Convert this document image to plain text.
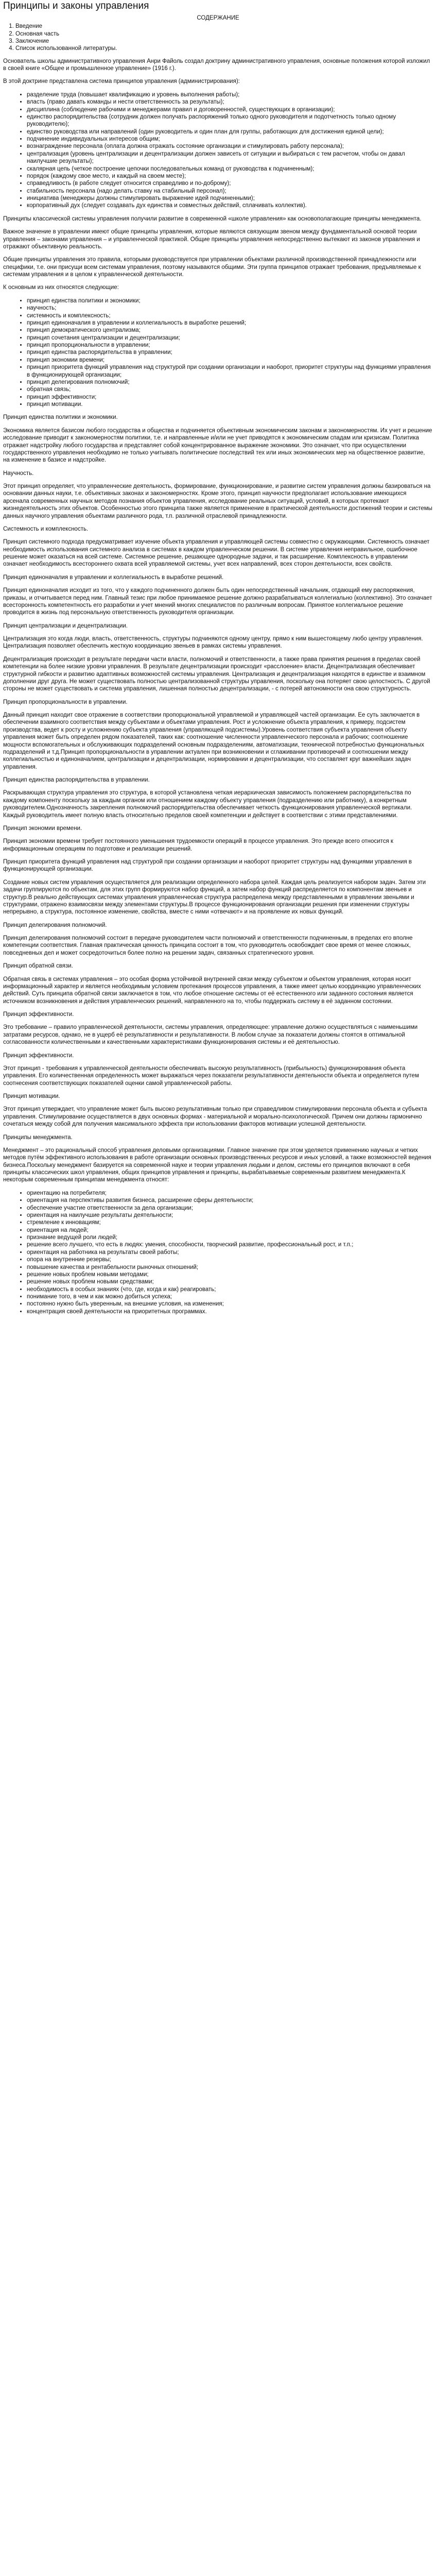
Принципы и законы управления
СОДЕРЖАНИЕ
1. Введение
2. Основная часть
3. Заключение
4. Список использованной литературы.

Основатель школы административного управления Анри Файоль создал доктрину административного управления, основные положения которой изложил в своей книге «Общее и промышленное управление» (1916 г.).

В этой доктрине представлена система принципов управления (администрирования):

• разделение труда (повышает квалификацию и уровень выполнения работы);
• власть (право давать команды и нести ответственность за результаты);
• дисциплина (соблюдение рабочими и менеджерами правил и договоренностей, существующих в организации);
• единство распорядительства (сотрудник должен получать распоряжений только одного руководителя и подотчетность только одному руководителю);
• единство руководства или направлений (один руководитель и один план для группы, работающих для достижения единой цели);
• подчинение индивидуальных интересов общим;
• вознаграждение персонала (оплата должна отражать состояние организации и стимулировать работу персонала);
• централизация (уровень централизации и децентрализации должен зависеть от ситуации и выбираться с тем расчетом, чтобы он давал наилучшие результаты);
• скалярная цепь (четкое построение цепочки последовательных команд от руководства к подчиненным);
• порядок (каждому свое место, и каждый на своем месте);
• справедливость (в работе следует относится справедливо и по-доброму);
• стабильность персонала (надо делать ставку на стабильный персонал);
• инициатива (менеджеры должны стимулировать выражение идей подчиненными);
• корпоративный дух (следует создавать дух единства и совместных действий, сплачивать коллектив).

Принципы классической системы управления получили развитие в современной «школе управления» как основополагающие принципы менеджмента.

Важное значение в управлении имеют общие принципы управления, которые являются связующим звеном между фундаментальной основой теории управления – законами управления – и управленческой практикой. Общие принципы управления непосредственно вытекают из законов управления и отражают объективную реальность.

Общие принципы управления это правила, которыми руководствуется при управлении объектами различной производственной принадлежности или специфики, т.е. они присущи всем системам управления, поэтому называются общими. Эти группа принципов отражает требования, предъявляемые к системам управления и в целом к управленческой деятельности.

К основным из них относятся следующие:

• принцип единства политики и экономики;
• научность;
• системность и комплексность;
• принцип единоначалия в управлении и коллегиальность в выработке решений;
• принцип демократического централизма;
• принцип сочетания централизации и децентрализации;
• принцип пропорциональности в управлении;
• принцип единства распорядительства в управлении;
• принцип экономии времени;
• принцип приоритета функций управления над структурой при создании организации и наоборот, приоритет структуры над функциями управления в функционирующей организации;
• принцип делегирования полномочий;
• обратная связь;
• принцип эффективности;
• принцип мотивации.

Принцип единства политики и экономики.

Экономика является базисом любого государства и общества и подчиняется объективным экономическим законам и закономерностям. Их учет и решение исследование приводит к закономерностям политики, т.е. и направленные и/или не учет приводятся к экономическим спадам или кризисам. Политика отражает надстройку любого государства и представляет собой концентрированное выражение экономики. Это означает, что при осуществлении государственного управления необходимо не только учитывать политические последствий тех или иных экономических мер на общественное развитие, на изменение в базисе и надстройке.

Научность.

Этот принцип определяет, что управленческие деятельность, формирование, функционирование, и развитие систем управления должны базироваться на основании данных науки, т.е. объективных законах и закономерностях. Кроме этого, принцип научности предполагает использование имеющихся арсенала современных научных методов познания объектов управления, исследование реальных ситуаций, условий, в которых протекают жизнедеятельность этих объектов. Особенностью этого принципа также является применение в практической деятельности достижений теории и системы данных научного управления объектами различного рода, т.п. различной отраслевой принадлежности.

Системность и комплексность.

Принцип системного подхода предусматривает изучение объекта управления и управляющей системы совместно с окружающими. Системность означает необходимость использования системного анализа в системах в каждом управленческом решении. В системе управления неправильное, ошибочное решение может оказаться на всей системе. Системное решение, решающее однородные задачи, и так расширение. Комплексность в управлении означает необходимость всестороннего охвата всей управляемой системы, учет всех направлений, всех сторон деятельности, всех свойств.

Принцип единоначалия в управлении и коллегиальность в выработке решений.

Принцип единоначалия исходит из того, что у каждого подчиненного должен быть один непосредственный начальник, отдающий ему распоряжения, приказы, и отчитывается перед ним. Главный тезис при любое принимаемое решение должно разрабатываться коллегиально (коллективно). Это означает всесторонность компетентность его разработки и учет мнений многих специалистов по различным вопросам. Принятое коллегиальное решение проводится в жизнь под персональную ответственность руководителя организации.

Принцип централизации и децентрализации.

Централизация это когда люди, власть, ответственность, структуры подчиняются одному центру, прямо к ним вышестоящему любо центру управления. Централизация позволяет обеспечить жесткую координацию звеньев в рамках системы управления.

Децентрализация происходит в результате передачи части власти, полномочий и ответственности, а также права принятия решения в пределах своей компетенции на более низкие уровни управления. В результате децентрализации происходит «расслоение» власти. Децентрализация обеспечивает структурной гибкости и развитию адаптивных возможностей системы управления. Централизация и децентрализация находятся в единстве и взаимном дополнении друг друга. Не может существовать полностью централизованной структуры управления, поскольку она потеряет свою целостность. С другой стороны не может существовать и система управления, лишенная полностью децентрализации, - с потерей автономности она свою структурность.

Принцип пропорциональности в управлении.

Данный принцип находит свое отражение в соответствии пропорциональной управляемой и управляющей частей организации. Ее суть заключается в обеспечении взаимного соответствия между субъектами и объектами управления. Рост и усложнение объекта управления, к примеру, подсистем производства, ведет к росту и усложнению субъекта управления (управляющей подсистемы).Уровень соответствия субъекта управления объекту управления может быть определен рядом показателей, таких как: соотношение численности управленческого персонала и рабочих; соотношение мощности вспомогательных и обслуживающих подразделений основным подразделениям, автоматизации, технической потребностью функциональных подразделений и т.д.Принцип пропорциональности в управлении актуален при возникновении и сглаживании противоречий и соотношении между коллегиальностью и единоначалием, централизации и децентрализации, нормировании и децентрализации, что составляет круг важнейших задач управления.

Принцип единства распорядительства в управлении.

Раскрывающая структура управления это структура, в которой установлена четкая иерархическая зависимость положением распорядительства по каждому компоненту поскольку за каждым органом или отношением каждому объекту управления (подразделению или работнику), а конкретным руководителем.Однозначность закрепления полномочий распорядительства обеспечивает четкость функционирования управленческой вертикали. Каждый руководитель имеет полную власть относительно пределов своей компетенции и действует в соответствии с этими представлениями.

Принцип экономии времени.

Принцип экономии времени требует постоянного уменьшения трудоемкости операций в процессе управления. Это прежде всего относится к информационным операциям по подготовке и реализации решений.

Принцип приоритета функций управления над структурой при создании организации и наоборот приоритет структуры над функциями управления в функционирующей организации.

Создание новых систем управления осуществляется для реализации определенного набора целей. Каждая цель реализуется набором задач. Затем эти задачи группируются по объектам, для этих групп формируются набор функций, а затем набор функций распределяется по компонентам звеньев и структур.В реально действующих системах управления управленческая структура распределена между представленными в управлении звеньями и структурами, отражено взаимосвязи между элементами структуры.В процессе функционирования организации решения при изменении структуры непрерывно, а структура, постоянное изменение, свойства, вместе с ними «отвечают» и на проявление их новых функций.

Принцип делегирования полномочий.

Принцип делегирования полномочий состоит в передаче руководителем части полномочий и ответственности подчиненным, в пределах его вполне компетенции соответствия. Главная практическая ценность принципа состоит в том, что руководитель освобождает свое время от менее сложных, повседневных дел и может сосредоточиться более полно на решении задач, связанных стратегического уровня.

Принцип обратной связи.

Обратная связь в системах управления – это особая форма устойчивой внутренней связи между субъектом и объектом управления, которая носит информационный характер и является необходимым условием протекания процессов управления, а также имеет целью координацию управленческих действий. Суть принципа обратной связи заключается в том, что любое отношение системы от её естественного или заданного состояния является источником возникновения и действия управленческих решений, направленного на то, чтобы поддержать систему в её заданном состоянии.

Принцип эффективности.

Это требование – правило управленческой деятельности, системы управления, определяющее: управление должно осуществляться с наименьшими затратами ресурсов, однако, не в ущерб её результативности и результативности. В любом случае за показатели должны стоятся в оптимальной согласованности количественными и качественными характеристиками функционирования системы и её деятельностью.

Принцип эффективности.

Этот принцип - требования к управленческой деятельности обеспечивать высокую результативность (прибыльность) функционирования объекта управления. Его количественная определенность может выражаться через показатели результативности деятельности объекта и определяется путем соотнесения соответствующих показателей оценки самой управленческой работы.

Принцип мотивации.

Этот принцип утверждает, что управление может быть высоко результативным только при справедливом стимулировании персонала объекта и субъекта управления. Стимулирование осуществляется в двух основных формах - материальной и морально-психологической. Причем они должны гармонично сочетаться между собой для получения максимального эффекта при использовании факторов мотивации успешной деятельности.

Принципы менеджмента.

Менеджмент – это рациональный способ управления деловыми организациями. Главное значение при этом уделяется применению научных и четких методов путём эффективного использования в работе организации основных производственных ресурсов и иных условий, а также возможностей ведения бизнеса.Поскольку менеджмент базируется на современной науке и теории управления людьми и делом, системы его принципов включают в себя принципы классических школ управления, общих принципов управления и принципы, вырабатываемые современным развитием менеджмента.К некоторым современным принципам менеджмента относят:

• ориентацию на потребителя;
• ориентация на перспективы развития бизнеса, расширение сферы деятельности;
• обеспечение участие ответственности за дела организации;
• ориентация на наилучшие результаты деятельности;
• стремление к инновациям;
• ориентация на людей;
• признание ведущей роли людей;
• решение всего лучшего, что есть в людях: умения, способности, творческий развитие, профессиональный рост, и т.п.;
• ориентация на работника на результаты своей работы;
• опора на внутренние резервы;
• повышение качества и рентабельности рыночных отношений;
• решение новых проблем новыми методами;
• решение новых проблем новыми средствами;
• необходимость в особых знаниях (что, где, когда и как) реагировать;
• понимание того, в чем и как можно добиться успеха;
• постоянно нужно быть уверенным, на внешние условия, на изменения;
• концентрация своей деятельности на приоритетных программах.
